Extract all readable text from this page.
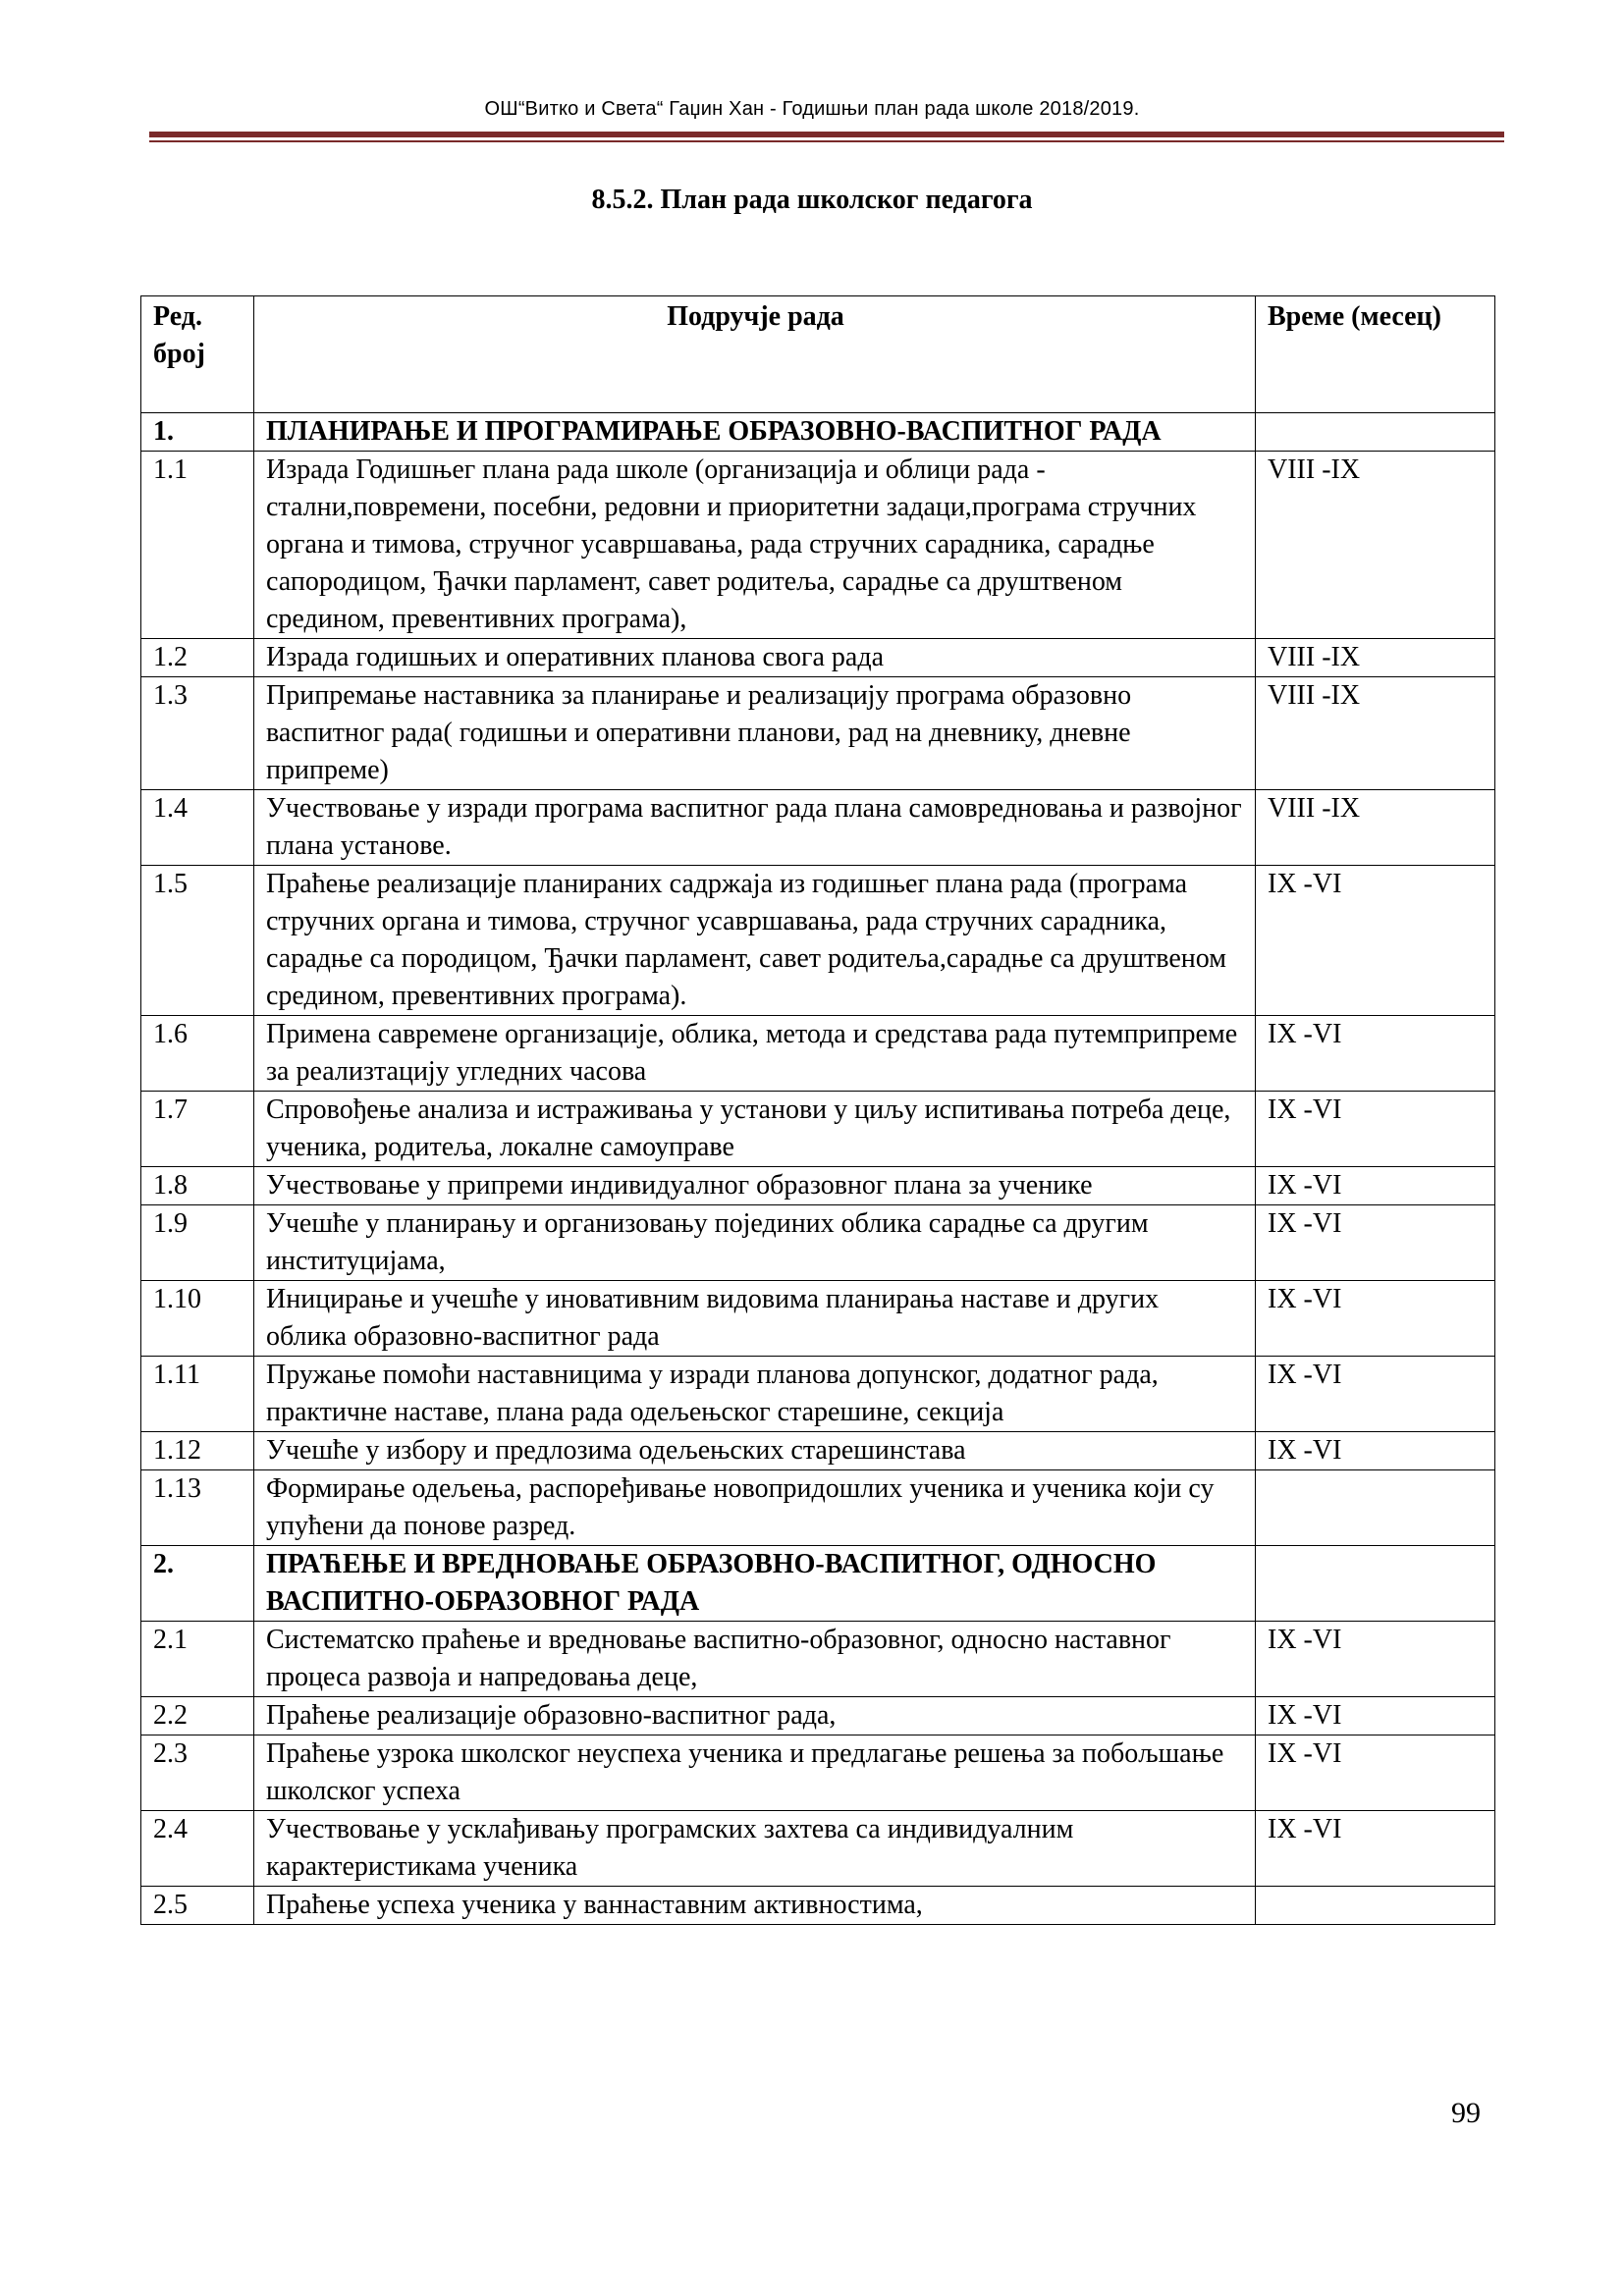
ОШ“Витко и Света“ Гаџин Хан - Годишњи план рада школе 2018/2019.
8.5.2. План рада школског педагога
Ред. број	Подручје рада	Време (месец)
1.	ПЛАНИРАЊЕ И ПРОГРАМИРАЊЕ ОБРАЗОВНО-ВАСПИТНОГ РАДА	
1.1	Израда Годишњег плана рада школе (организација и облици рада - стални,повремени, посебни, редовни и приоритетни задаци,програма стручних органа и тимова, стручног усавршавања, рада стручних сарадника, сарадње сапородицом, Ђачки парламент, савет родитеља, сарадње са друштвеном средином, превентивних програма),	VIII -IX
1.2	Израда годишњих и оперативних планова свога рада	VIII -IX
1.3	Припремање наставника за планирање и реализацију програма образовно васпитног рада( годишњи и оперативни планови, рад на дневнику, дневне припреме)	VIII -IX
1.4	Учествовање у изради програма васпитног рада плана самовредновања и развојног плана установе.	VIII -IX
1.5	Праћење реализације планираних садржаја из годишњег плана рада (програма стручних органа и тимова, стручног усавршавања, рада стручних сарадника, сарадње са породицом, Ђачки парламент, савет родитеља,сарадње са друштвеном средином, превентивних програма).	IX -VI
1.6	Примена савремене организације, облика, метода и средстава рада путемприпреме за реализтацију угледних часова	IX -VI
1.7	Спровођење анализа и истраживања у установи у циљу испитивања потреба деце, ученика, родитеља, локалне самоуправе	IX -VI
1.8	Учествовање у припреми индивидуалног образовног плана за ученике	IX -VI
1.9	Учешће у планирању и организовању појединих облика сарадње са другим институцијама,	IX -VI
1.10	Иницирање и учешће у иновативним видовима планирања наставе и других облика образовно-васпитног рада	IX -VI
1.11	Пружање помоћи наставницима у изради планова допунског, додатног рада, практичне наставе, плана рада одељењског старешине, секција	IX -VI
1.12	Учешће у избору и предлозима одељењских старешинстава	IX -VI
1.13	Формирање одељења, распоређивање новопридошлих ученика и ученика који су упућени да понове разред.	
2.	ПРАЋЕЊЕ И ВРЕДНОВАЊЕ ОБРАЗОВНО-ВАСПИТНОГ, ОДНОСНО ВАСПИТНО-ОБРАЗОВНОГ РАДА	
2.1	Систематско праћење и вредновање васпитно-образовног, односно наставног процеса развоја и напредовања деце,	IX -VI
2.2	Праћење реализације образовно-васпитног рада,	IX -VI
2.3	Праћење узрока школског неуспеха ученика и предлагање решења за побољшање школског успеха	IX -VI
2.4	Учествовање у усклађивању програмских захтева са индивидуалним карактеристикама ученика	IX -VI
2.5	Праћење успеха ученика у ваннаставним активностима,	
99
